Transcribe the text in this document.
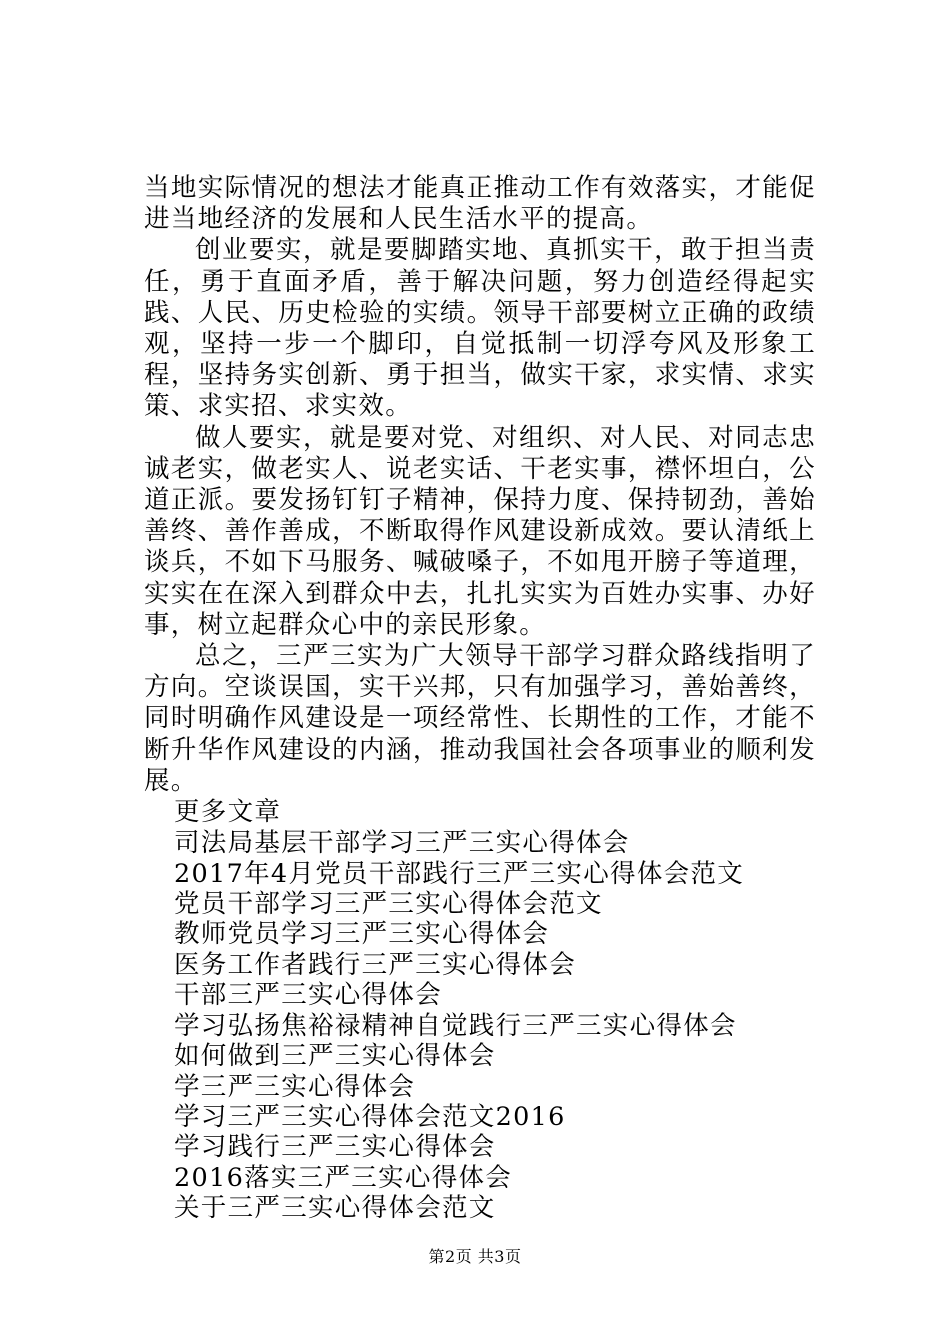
当地实际情况的想法才能真正推动工作有效落实，才能促进当地经济的发展和人民生活水平的提高。

创业要实，就是要脚踏实地、真抓实干，敢于担当责任，勇于直面矛盾，善于解决问题，努力创造经得起实践、人民、历史检验的实绩。领导干部要树立正确的政绩观，坚持一步一个脚印，自觉抵制一切浮夸风及形象工程，坚持务实创新、勇于担当，做实干家，求实情、求实策、求实招、求实效。

做人要实，就是要对党、对组织、对人民、对同志忠诚老实，做老实人、说老实话、干老实事，襟怀坦白，公道正派。要发扬钉钉子精神，保持力度、保持韧劲，善始善终、善作善成，不断取得作风建设新成效。要认清纸上谈兵，不如下马服务、喊破嗓子，不如甩开膀子等道理，实实在在深入到群众中去，扎扎实实为百姓办实事、办好事，树立起群众心中的亲民形象。

总之，三严三实为广大领导干部学习群众路线指明了方向。空谈误国，实干兴邦，只有加强学习，善始善终，同时明确作风建设是一项经常性、长期性的工作，才能不断升华作风建设的内涵，推动我国社会各项事业的顺利发展。

更多文章

司法局基层干部学习三严三实心得体会
2017年4月党员干部践行三严三实心得体会范文
党员干部学习三严三实心得体会范文
教师党员学习三严三实心得体会
医务工作者践行三严三实心得体会
干部三严三实心得体会
学习弘扬焦裕禄精神自觉践行三严三实心得体会
如何做到三严三实心得体会
学三严三实心得体会
学习三严三实心得体会范文2016
学习践行三严三实心得体会
2016落实三严三实心得体会
关于三严三实心得体会范文
第2页 共3页
